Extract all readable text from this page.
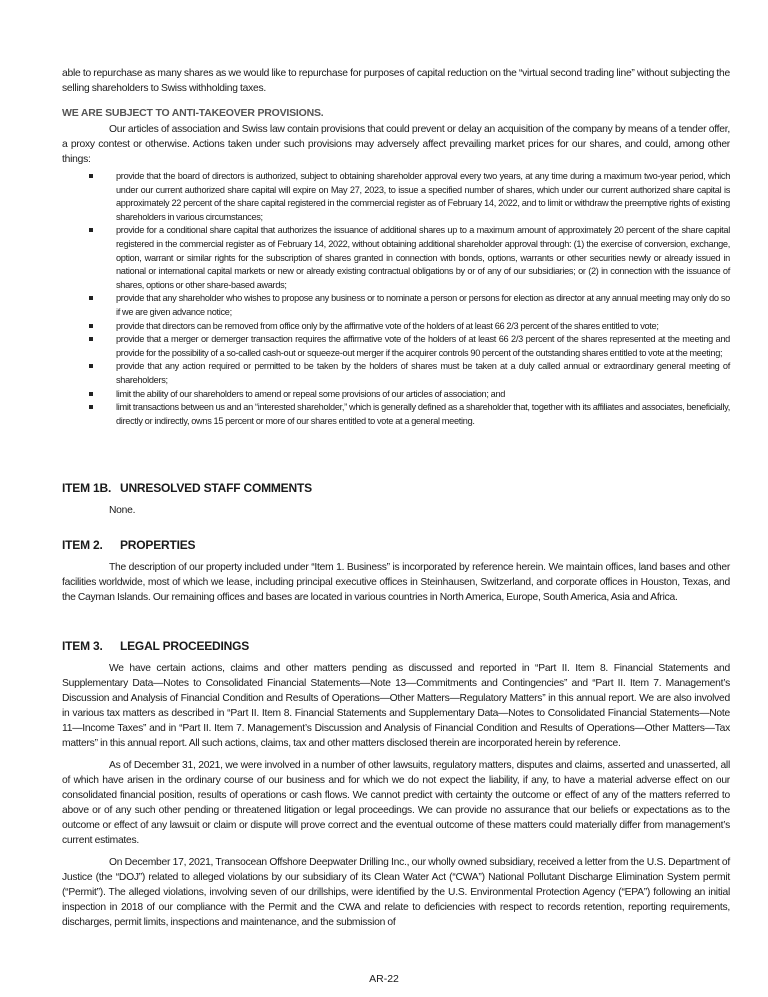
able to repurchase as many shares as we would like to repurchase for purposes of capital reduction on the “virtual second trading line” without subjecting the selling shareholders to Swiss withholding taxes.

WE ARE SUBJECT TO ANTI-TAKEOVER PROVISIONS.

Our articles of association and Swiss law contain provisions that could prevent or delay an acquisition of the company by means of a tender offer, a proxy contest or otherwise. Actions taken under such provisions may adversely affect prevailing market prices for our shares, and could, among other things:

provide that the board of directors is authorized, subject to obtaining shareholder approval every two years, at any time during a maximum two-year period, which under our current authorized share capital will expire on May 27, 2023, to issue a specified number of shares, which under our current authorized share capital is approximately 22 percent of the share capital registered in the commercial register as of February 14, 2022, and to limit or withdraw the preemptive rights of existing shareholders in various circumstances;
provide for a conditional share capital that authorizes the issuance of additional shares up to a maximum amount of approximately 20 percent of the share capital registered in the commercial register as of February 14, 2022, without obtaining additional shareholder approval through: (1) the exercise of conversion, exchange, option, warrant or similar rights for the subscription of shares granted in connection with bonds, options, warrants or other securities newly or already issued in national or international capital markets or new or already existing contractual obligations by or of any of our subsidiaries; or (2) in connection with the issuance of shares, options or other share-based awards;
provide that any shareholder who wishes to propose any business or to nominate a person or persons for election as director at any annual meeting may only do so if we are given advance notice;
provide that directors can be removed from office only by the affirmative vote of the holders of at least 66 2/3 percent of the shares entitled to vote;
provide that a merger or demerger transaction requires the affirmative vote of the holders of at least 66 2/3 percent of the shares represented at the meeting and provide for the possibility of a so-called cash-out or squeeze-out merger if the acquirer controls 90 percent of the outstanding shares entitled to vote at the meeting;
provide that any action required or permitted to be taken by the holders of shares must be taken at a duly called annual or extraordinary general meeting of shareholders;
limit the ability of our shareholders to amend or repeal some provisions of our articles of association; and
limit transactions between us and an “interested shareholder,” which is generally defined as a shareholder that, together with its affiliates and associates, beneficially, directly or indirectly, owns 15 percent or more of our shares entitled to vote at a general meeting.
ITEM 1B. UNRESOLVED STAFF COMMENTS

None.

ITEM 2. PROPERTIES

The description of our property included under “Item 1. Business” is incorporated by reference herein. We maintain offices, land bases and other facilities worldwide, most of which we lease, including principal executive offices in Steinhausen, Switzerland, and corporate offices in Houston, Texas, and the Cayman Islands. Our remaining offices and bases are located in various countries in North America, Europe, South America, Asia and Africa.

ITEM 3. LEGAL PROCEEDINGS

We have certain actions, claims and other matters pending as discussed and reported in “Part II. Item 8. Financial Statements and Supplementary Data—Notes to Consolidated Financial Statements—Note 13—Commitments and Contingencies” and “Part II. Item 7. Management’s Discussion and Analysis of Financial Condition and Results of Operations—Other Matters—Regulatory Matters” in this annual report. We are also involved in various tax matters as described in “Part II. Item 8. Financial Statements and Supplementary Data—Notes to Consolidated Financial Statements—Note 11—Income Taxes” and in “Part II. Item 7. Management’s Discussion and Analysis of Financial Condition and Results of Operations—Other Matters—Tax matters” in this annual report. All such actions, claims, tax and other matters disclosed therein are incorporated herein by reference.

As of December 31, 2021, we were involved in a number of other lawsuits, regulatory matters, disputes and claims, asserted and unasserted, all of which have arisen in the ordinary course of our business and for which we do not expect the liability, if any, to have a material adverse effect on our consolidated financial position, results of operations or cash flows. We cannot predict with certainty the outcome or effect of any of the matters referred to above or of any such other pending or threatened litigation or legal proceedings. We can provide no assurance that our beliefs or expectations as to the outcome or effect of any lawsuit or claim or dispute will prove correct and the eventual outcome of these matters could materially differ from management’s current estimates.

On December 17, 2021, Transocean Offshore Deepwater Drilling Inc., our wholly owned subsidiary, received a letter from the U.S. Department of Justice (the “DOJ”) related to alleged violations by our subsidiary of its Clean Water Act (“CWA”) National Pollutant Discharge Elimination System permit (“Permit”). The alleged violations, involving seven of our drillships, were identified by the U.S. Environmental Protection Agency (“EPA”) following an initial inspection in 2018 of our compliance with the Permit and the CWA and relate to deficiencies with respect to records retention, reporting requirements, discharges, permit limits, inspections and maintenance, and the submission of

AR-22
